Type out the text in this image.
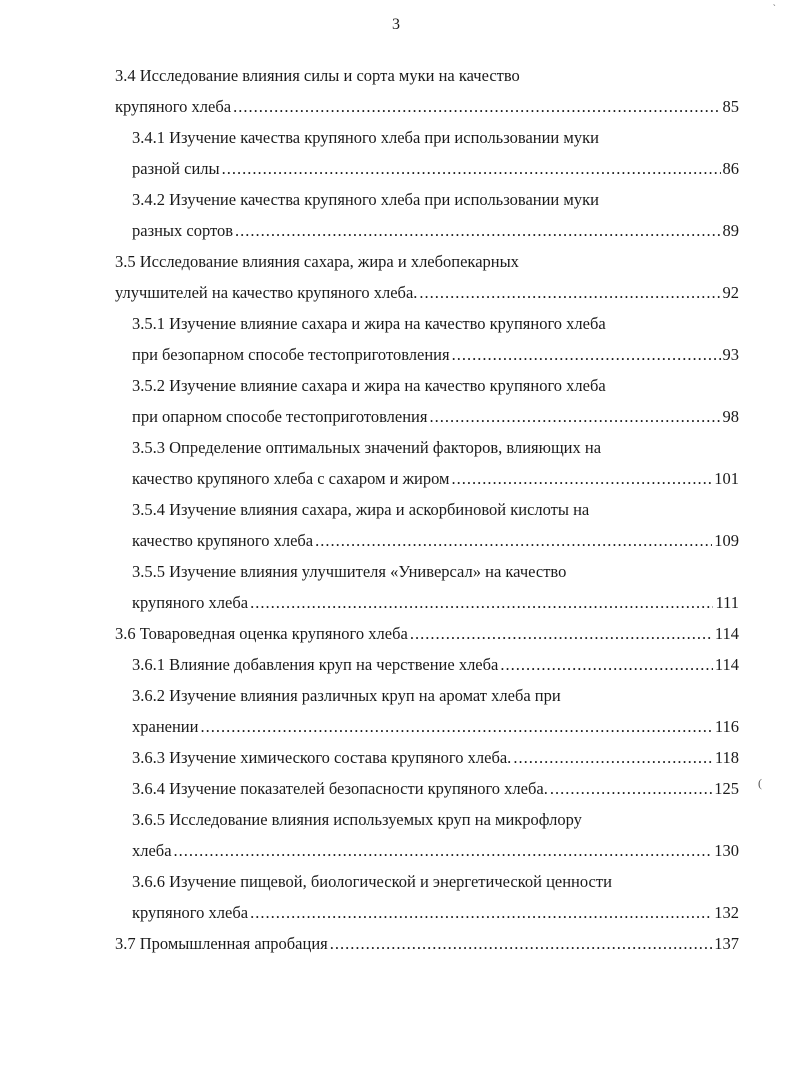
`
3
3.4 Исследование влияния силы и сорта муки на качество
крупяного хлеба .....	85
3.4.1 Изучение качества крупяного хлеба при использовании муки
разной силы .....	86
3.4.2 Изучение качества крупяного хлеба при использовании муки
разных сортов .....	89
3.5 Исследование влияния сахара, жира и хлебопекарных
улучшителей на качество крупяного хлеба. .....	92
3.5.1 Изучение влияние сахара и жира на качество крупяного хлеба
при безопарном способе тестоприготовления .....	93
3.5.2 Изучение влияние сахара и жира на качество крупяного хлеба
при опарном способе тестоприготовления .....	98
3.5.3 Определение оптимальных значений факторов, влияющих на
качество крупяного хлеба с сахаром и жиром .....	101
3.5.4 Изучение влияния сахара, жира и аскорбиновой кислоты на
качество крупяного хлеба .....	109
3.5.5 Изучение влияния улучшителя «Универсал» на качество
крупяного хлеба .....	111
3.6 Товароведная оценка крупяного хлеба .....	114
3.6.1 Влияние добавления круп на черствение хлеба .....	114
3.6.2 Изучение влияния различных круп на аромат хлеба при
хранении .....	116
3.6.3 Изучение химического состава крупяного хлеба. .....	118
3.6.4 Изучение показателей безопасности крупяного хлеба. .....	125
3.6.5 Исследование влияния используемых круп на микрофлору
хлеба .....	130
3.6.6 Изучение пищевой, биологической и энергетической ценности
крупяного хлеба .....	132
3.7 Промышленная апробация .....	137
(
